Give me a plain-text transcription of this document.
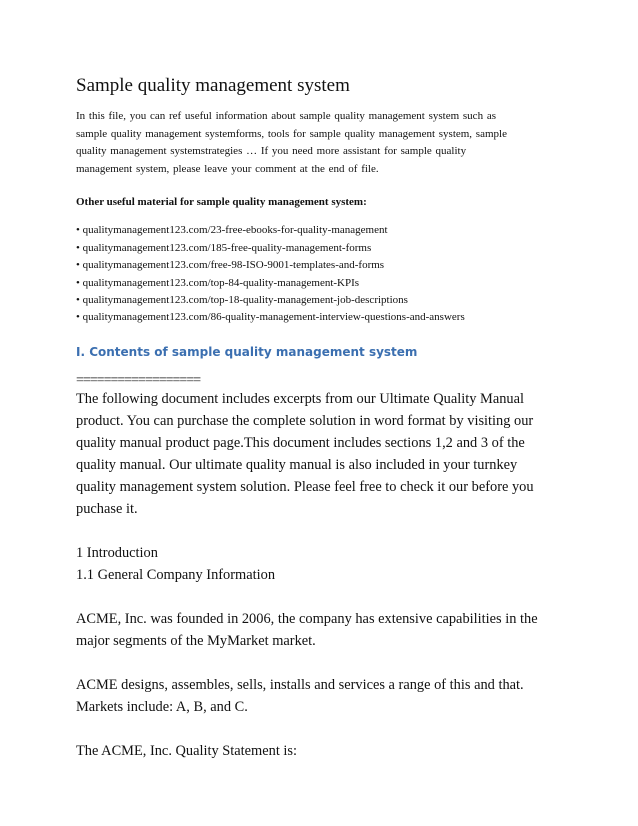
Sample quality management system

In this file, you can ref useful information about sample quality management system such as
sample quality management systemforms, tools for sample quality management system, sample
quality management systemstrategies … If you need more assistant for sample quality
management system, please leave your comment at the end of file.

Other useful material for sample quality management system:
• qualitymanagement123.com/23-free-ebooks-for-quality-management
• qualitymanagement123.com/185-free-quality-management-forms
• qualitymanagement123.com/free-98-ISO-9001-templates-and-forms
• qualitymanagement123.com/top-84-quality-management-KPIs
• qualitymanagement123.com/top-18-quality-management-job-descriptions
• qualitymanagement123.com/86-quality-management-interview-questions-and-answers
I. Contents of sample quality management system
==================
The following document includes excerpts from our Ultimate Quality Manual
product. You can purchase the complete solution in word format by visiting our
quality manual product page.This document includes sections 1,2 and 3 of the
quality manual. Our ultimate quality manual is also included in your turnkey
quality management system solution. Please feel free to check it our before you
puchase it.
1 Introduction
1.1 General Company Information
ACME, Inc. was founded in 2006, the company has extensive capabilities in the
major segments of the MyMarket market.
ACME designs, assembles, sells, installs and services a range of this and that.
Markets include: A, B, and C.
The ACME, Inc. Quality Statement is:
